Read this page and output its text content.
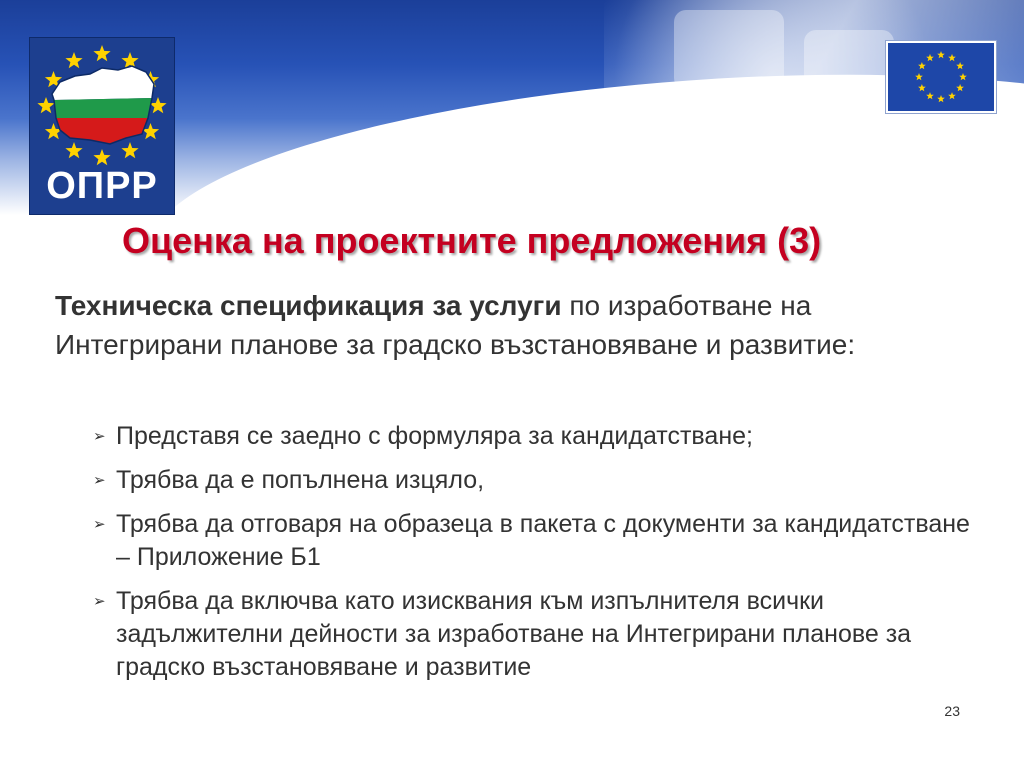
ОПРР
Оценка на проектните предложения (3)
Техническа спецификация за услуги по изработване на Интегрирани планове за градско възстановяване и развитие:
➢ Представя се заедно с формуляра за кандидатстване;
➢ Трябва да е попълнена изцяло,
➢ Трябва да отговаря на образеца в пакета с документи за кандидатстване – Приложение Б1
➢ Трябва да включва като изисквания към изпълнителя всички задължителни дейности за изработване на Интегрирани планове за градско възстановяване и развитие
23
